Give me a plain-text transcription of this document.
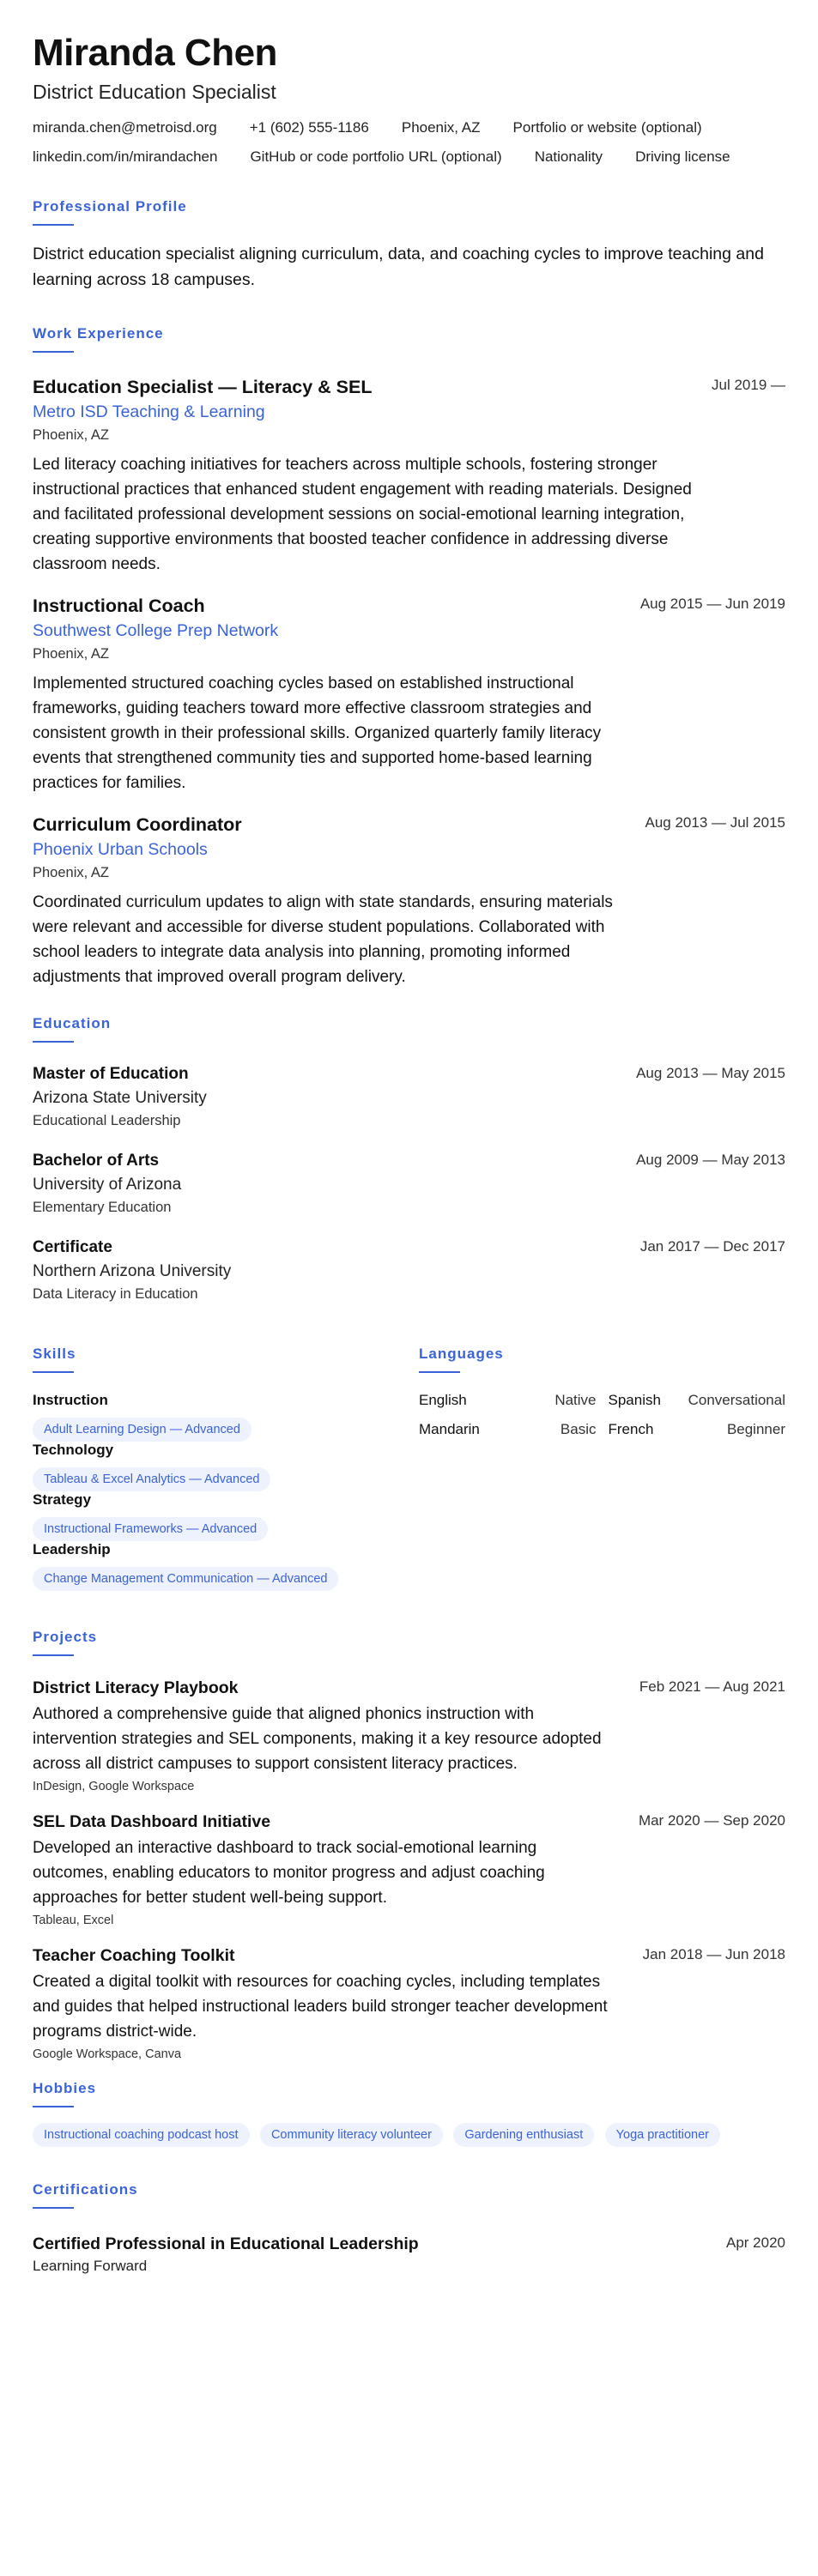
Miranda Chen
District Education Specialist
miranda.chen@metroisd.org +1 (602) 555-1186 Phoenix, AZ Portfolio or website (optional)
linkedin.com/in/mirandachen GitHub or code portfolio URL (optional) Nationality Driving license
Professional Profile
District education specialist aligning curriculum, data, and coaching cycles to improve teaching and learning across 18 campuses.
Work Experience
Education Specialist — Literacy & SEL	Jul 2019 —
Metro ISD Teaching & Learning
Phoenix, AZ
Led literacy coaching initiatives for teachers across multiple schools, fostering stronger instructional practices that enhanced student engagement with reading materials. Designed and facilitated professional development sessions on social-emotional learning integration, creating supportive environments that boosted teacher confidence in addressing diverse classroom needs.
Instructional Coach	Aug 2015 — Jun 2019
Southwest College Prep Network
Phoenix, AZ
Implemented structured coaching cycles based on established instructional frameworks, guiding teachers toward more effective classroom strategies and consistent growth in their professional skills. Organized quarterly family literacy events that strengthened community ties and supported home-based learning practices for families.
Curriculum Coordinator	Aug 2013 — Jul 2015
Phoenix Urban Schools
Phoenix, AZ
Coordinated curriculum updates to align with state standards, ensuring materials were relevant and accessible for diverse student populations. Collaborated with school leaders to integrate data analysis into planning, promoting informed adjustments that improved overall program delivery.
Education
Master of Education	Aug 2013 — May 2015
Arizona State University
Educational Leadership
Bachelor of Arts	Aug 2009 — May 2013
University of Arizona
Elementary Education
Certificate	Jan 2017 — Dec 2017
Northern Arizona University
Data Literacy in Education
Skills
Instruction
Adult Learning Design — Advanced
Technology
Tableau & Excel Analytics — Advanced
Strategy
Instructional Frameworks — Advanced
Leadership
Change Management Communication — Advanced
Languages
English	Native Spanish Conversational
Mandarin	Basic French	Beginner
Projects
District Literacy Playbook	Feb 2021 — Aug 2021
Authored a comprehensive guide that aligned phonics instruction with intervention strategies and SEL components, making it a key resource adopted across all district campuses to support consistent literacy practices.
InDesign, Google Workspace
SEL Data Dashboard Initiative	Mar 2020 — Sep 2020
Developed an interactive dashboard to track social-emotional learning outcomes, enabling educators to monitor progress and adjust coaching approaches for better student well-being support.
Tableau, Excel
Teacher Coaching Toolkit	Jan 2018 — Jun 2018
Created a digital toolkit with resources for coaching cycles, including templates and guides that helped instructional leaders build stronger teacher development programs district-wide.
Google Workspace, Canva
Hobbies
Instructional coaching podcast host	Community literacy volunteer	Gardening enthusiast	Yoga practitioner
Certifications
Certified Professional in Educational Leadership	Apr 2020
Learning Forward
